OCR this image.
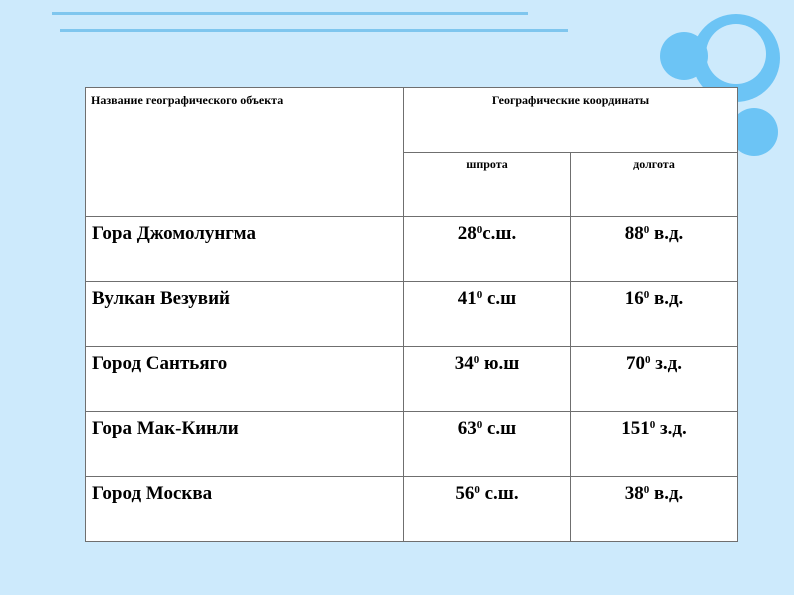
Название географического объекта	Географические координаты	
	шпрота	долгота
Гора Джомолунгма	$28^0с.ш$.	$88^0$ в.д.
Вулкан Везувий	$41^0$ с.ш	$16^0$ в.д.
Город Сантьяго	$34^0$ ю.ш	$70^0$ з.д.
Гора Мак-Кинли	$63^0$ с.ш	$151^0$ з.д.
Город Москва	$56^0$ с.ш.	$38^0$ в.д.
